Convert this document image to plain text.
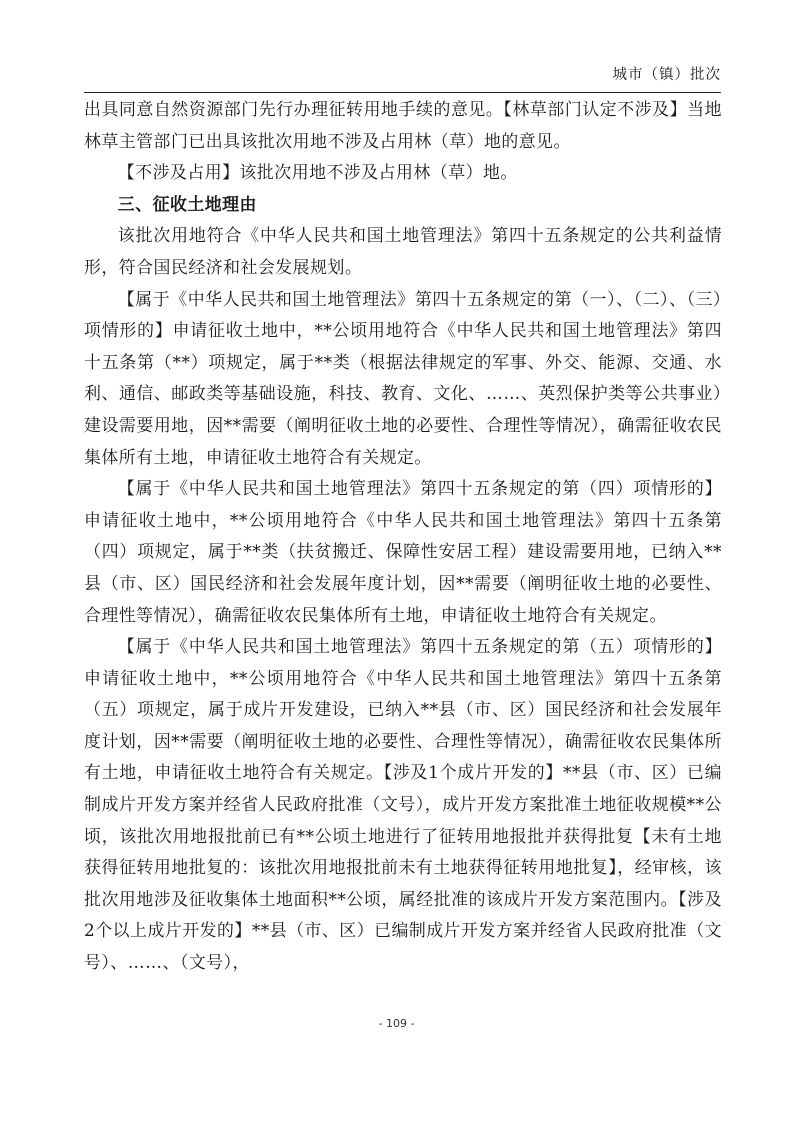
城市（镇）批次

出具同意自然资源部门先行办理征转用地手续的意见。【林草部门认定不涉及】当地林草主管部门已出具该批次用地不涉及占用林（草）地的意见。

【不涉及占用】该批次用地不涉及占用林（草）地。

三、征收土地理由

该批次用地符合《中华人民共和国土地管理法》第四十五条规定的公共利益情形，符合国民经济和社会发展规划。

【属于《中华人民共和国土地管理法》第四十五条规定的第（一）、（二）、（三）项情形的】申请征收土地中，**公顷用地符合《中华人民共和国土地管理法》第四十五条第（**）项规定，属于**类（根据法律规定的军事、外交、能源、交通、水利、通信、邮政类等基础设施，科技、教育、文化、……、英烈保护类等公共事业）建设需要用地，因**需要（阐明征收土地的必要性、合理性等情况），确需征收农民集体所有土地，申请征收土地符合有关规定。

【属于《中华人民共和国土地管理法》第四十五条规定的第（四）项情形的】申请征收土地中，**公顷用地符合《中华人民共和国土地管理法》第四十五条第（四）项规定，属于**类（扶贫搬迁、保障性安居工程）建设需要用地，已纳入**县（市、区）国民经济和社会发展年度计划，因**需要（阐明征收土地的必要性、合理性等情况），确需征收农民集体所有土地，申请征收土地符合有关规定。

【属于《中华人民共和国土地管理法》第四十五条规定的第（五）项情形的】申请征收土地中，**公顷用地符合《中华人民共和国土地管理法》第四十五条第（五）项规定，属于成片开发建设，已纳入**县（市、区）国民经济和社会发展年度计划，因**需要（阐明征收土地的必要性、合理性等情况），确需征收农民集体所有土地，申请征收土地符合有关规定。【涉及1个成片开发的】**县（市、区）已编制成片开发方案并经省人民政府批准（文号），成片开发方案批准土地征收规模**公顷，该批次用地报批前已有**公顷土地进行了征转用地报批并获得批复【未有土地获得征转用地批复的：该批次用地报批前未有土地获得征转用地批复】，经审核，该批次用地涉及征收集体土地面积**公顷，属经批准的该成片开发方案范围内。【涉及2个以上成片开发的】**县（市、区）已编制成片开发方案并经省人民政府批准（文号）、……、（文号），

- 109 -
